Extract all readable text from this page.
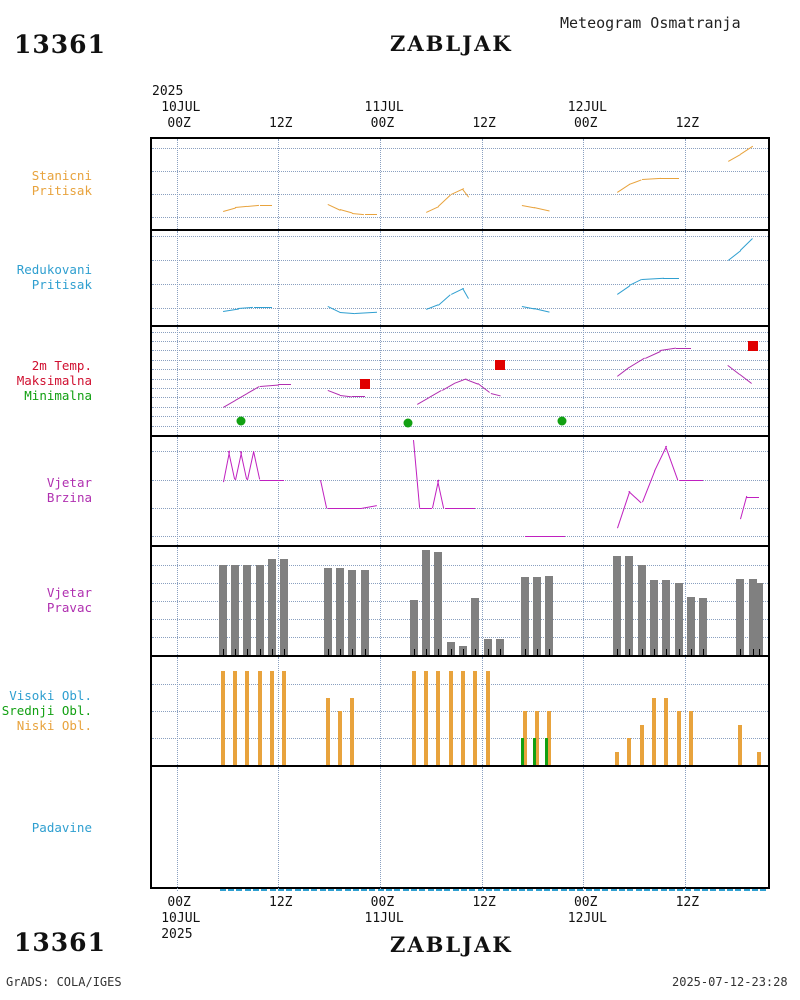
Meteogram Osmatranja
13361	ZABLJAK
13361	ZABLJAK
GrADS: COLA/IGES	2025-07-12-23:28
2025
10JUL	11JUL	12JUL
00Z	12Z	00Z	12Z	00Z	12Z
Stanicni
Pritisak
Redukovani
Pritisak
2m Temp.
Maksimalna
Minimalna
Vjetar
Brzina
Vjetar
Pravac
Visoki Obl.
Srednji Obl.
Niski Obl.
Padavine
00Z	12Z	00Z	12Z	00Z	12Z
10JUL	11JUL	12JUL
2025
